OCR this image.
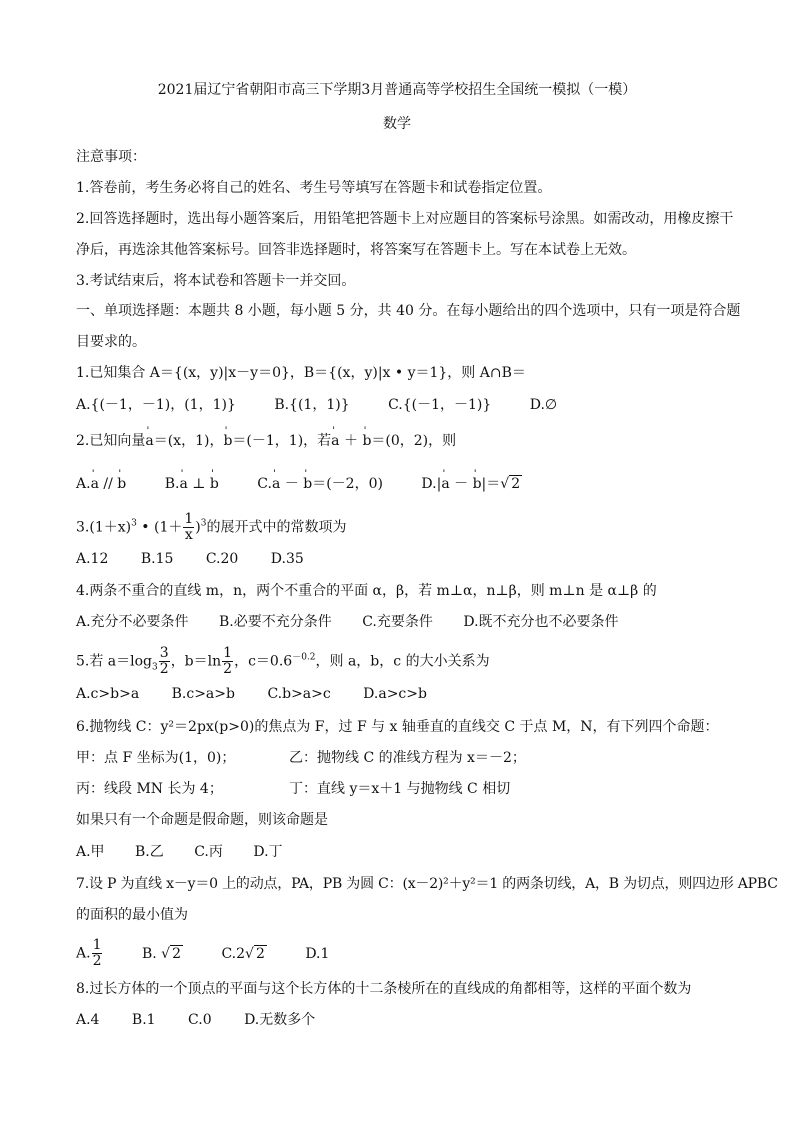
2021届辽宁省朝阳市高三下学期3月普通高等学校招生全国统一模拟（一模）
数学
注意事项：
1.答卷前，考生务必将自己的姓名、考生号等填写在答题卡和试卷指定位置。
2.回答选择题时，选出每小题答案后，用铅笔把答题卡上对应题目的答案标号涂黑。如需改动，用橡皮擦干
净后，再选涂其他答案标号。回答非选择题时，将答案写在答题卡上。写在本试卷上无效。
3.考试结束后，将本试卷和答题卡一并交回。
一、单项选择题：本题共 8 小题，每小题 5 分，共 40 分。在每小题给出的四个选项中，只有一项是符合题
目要求的。
1.已知集合 A＝{(x，y)|x－y＝0}，B＝{(x，y)|x • y＝1}，则 A∩B＝
A.{(－1，－1)，(1，1)}	B.{(1，1)}	C.{(－1，－1)}	D.∅
2.已知向量ˈ a＝(x，1)，ˈ b＝(－1，1)，若ˈ a ＋ ˈ b＝(0，2)，则
A.ˈ a // ˈ b	B.ˈ a ⊥ ˈ b	C.ˈ a － ˈ b＝(－2，0)	D.|ˈ a － ˈ b|＝√ 2
$3.(1+x)^3$ • $(1+ \frac{1}{x} )^3$的展开式中的常数项为
A.12 B.15 C.20 D.35
4.两条不重合的直线 m，n，两个不重合的平面 α，β，若 m⊥α，n⊥β，则 m⊥n 是 α⊥β 的
A.充分不必要条件 B.必要不充分条件 C.充要条件 D.既不充分也不必要条件
5.若 $a=\log_3 \frac{3}{2}$ ，$b=\ln \frac{1}{2}$ ，$c=0.6^{-0.2}$，则 a，b，c 的大小关系为
A.c>b>a B.c>a>b C.b>a>c D.a>c>b
6.抛物线 C：y²＝2px(p>0)的焦点为 F，过 F 与 x 轴垂直的直线交 C 于点 M，N，有下列四个命题：
甲：点 F 坐标为(1，0)；	乙：抛物线 C 的准线方程为 x＝－2；
丙：线段 MN 长为 4；	丁：直线 y＝x＋1 与抛物线 C 相切
如果只有一个命题是假命题，则该命题是
A.甲 B.乙 C.丙 D.丁
7.设 P 为直线 x－y＝0 上的动点，PA，PB 为圆 C：(x－2)²＋y²＝1 的两条切线，A，B 为切点，则四边形 APBC
的面积的最小值为
A. $\frac{1}{2}$	B. √ 2	C.2√ 2	D.1
8.过长方体的一个顶点的平面与这个长方体的十二条棱所在的直线成的角都相等，这样的平面个数为
A.4 B.1 C.0 D.无数多个
